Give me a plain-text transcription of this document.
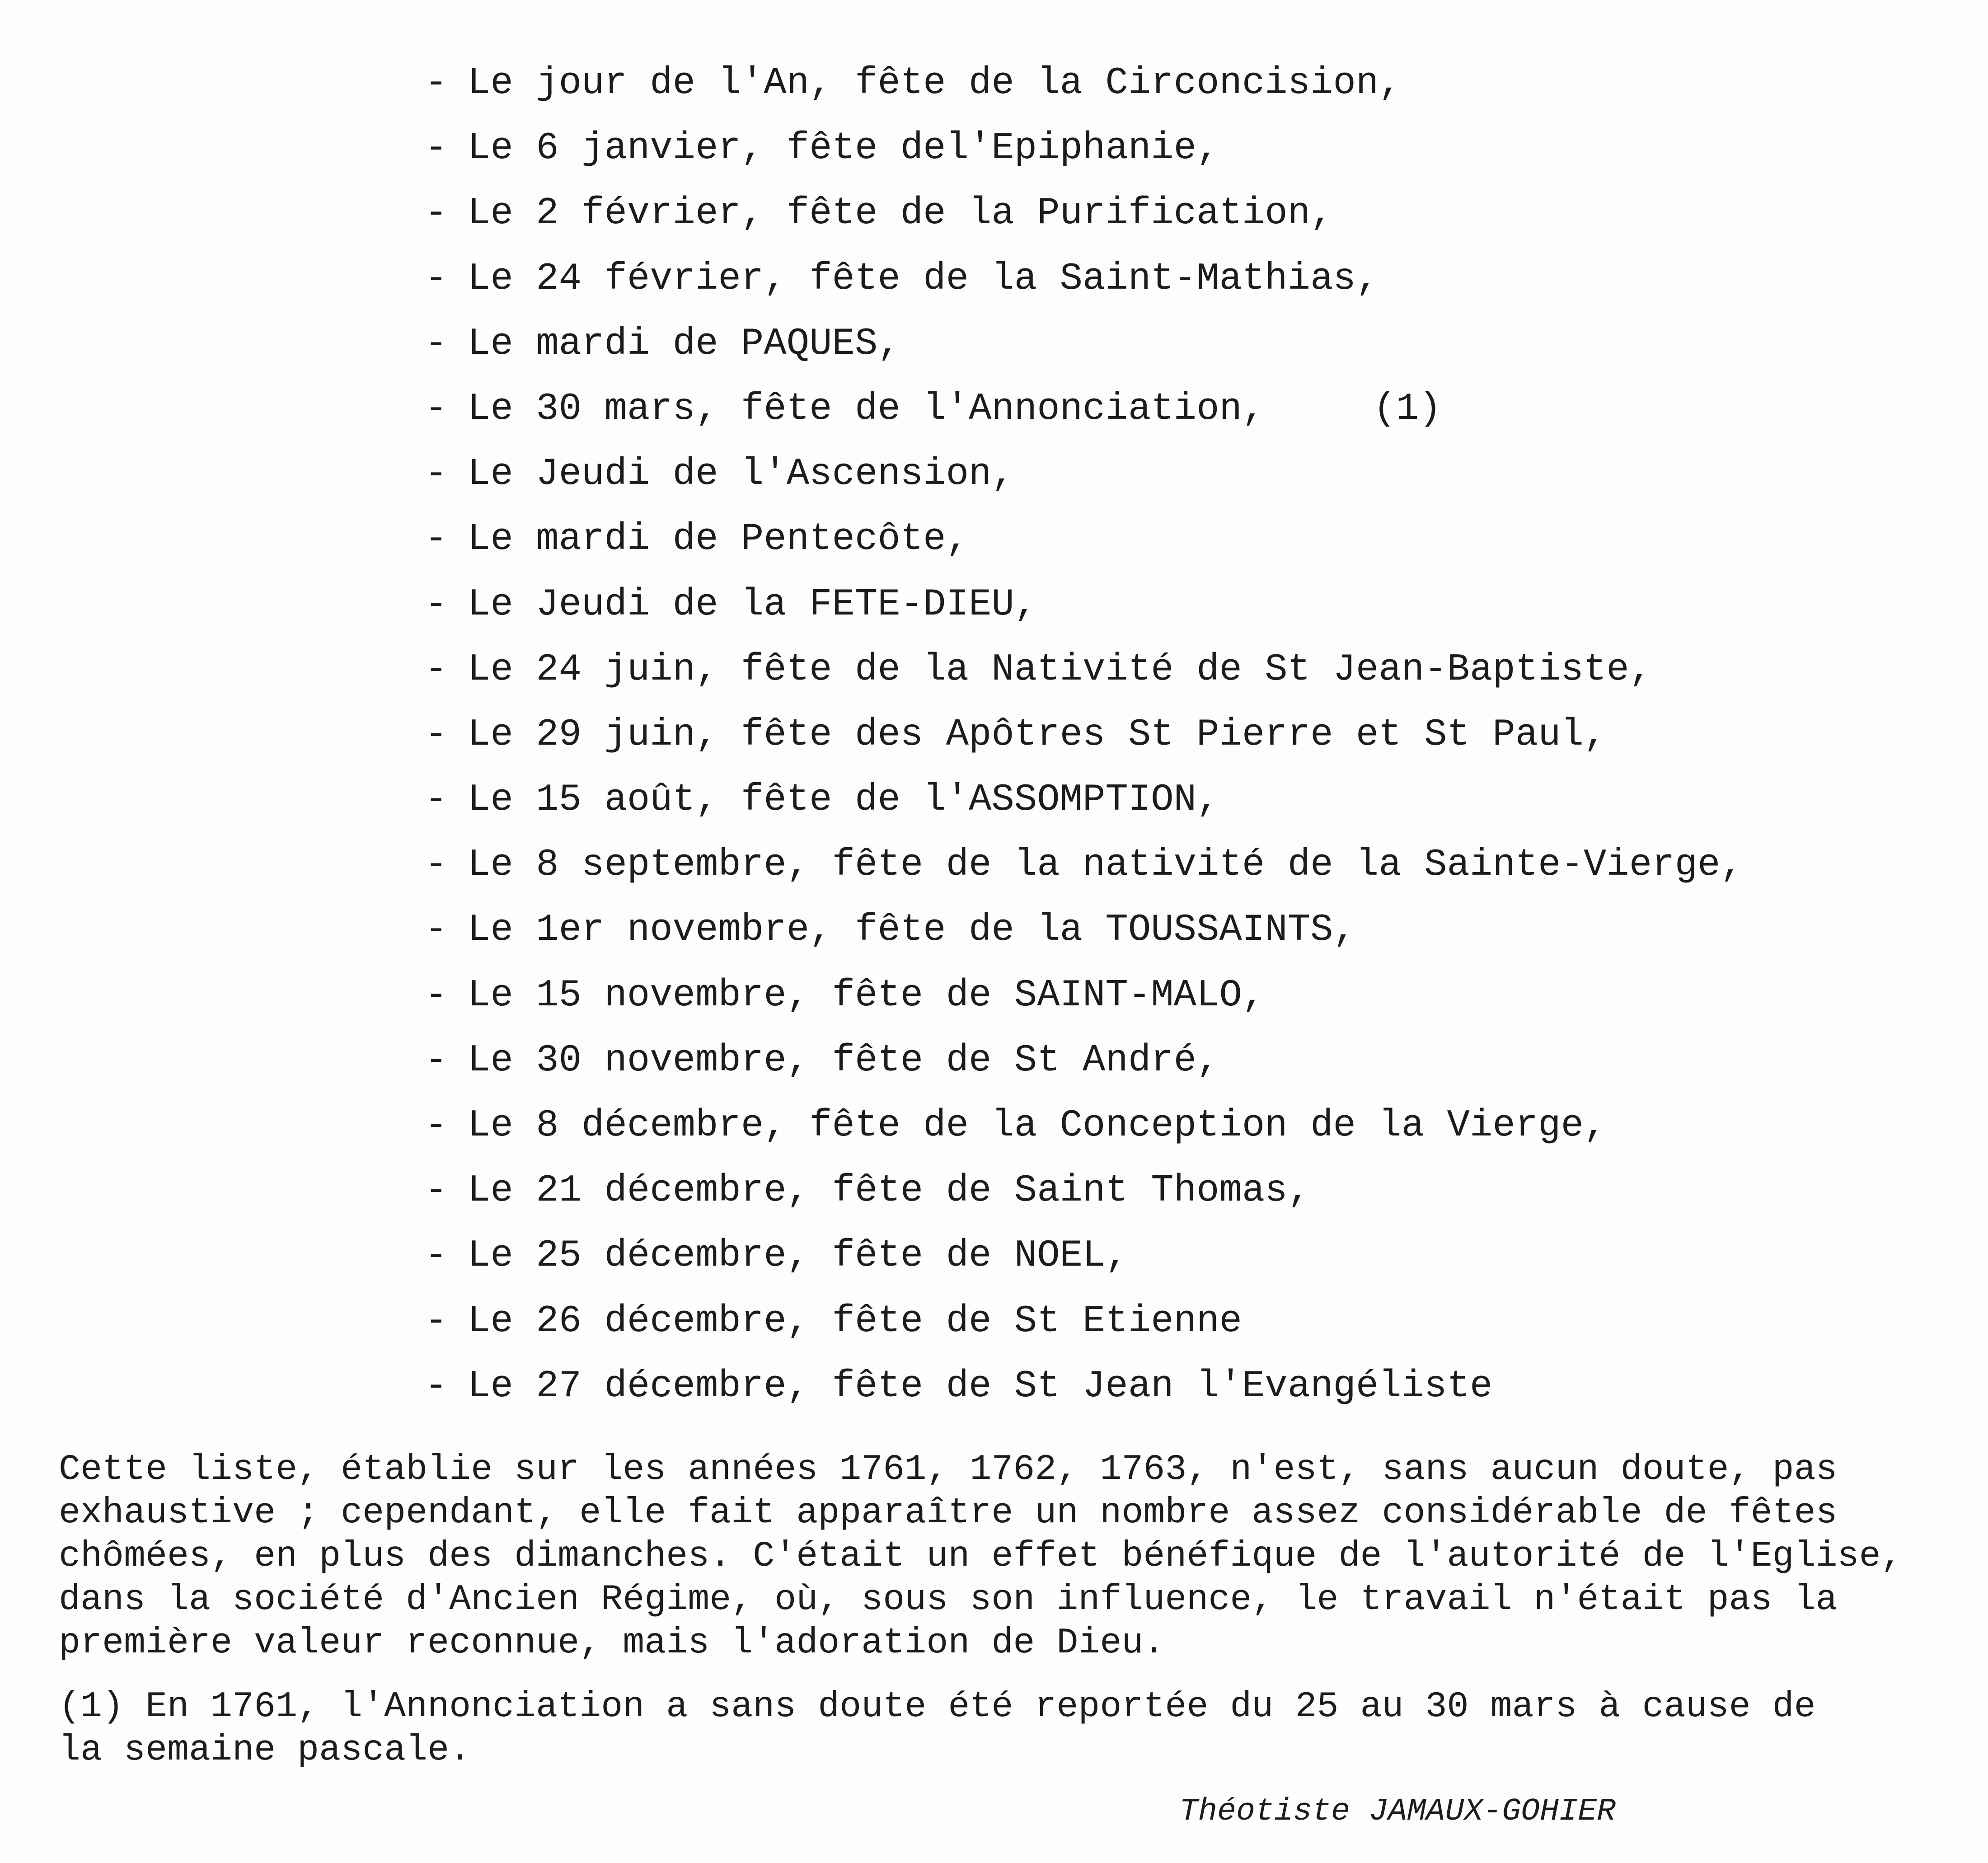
- Le jour de l'An, fête de la Circoncision,
- Le 6 janvier, fête del'Epiphanie,
- Le 2 février, fête de la Purification,
- Le 24 février, fête de la Saint-Mathias,
- Le mardi de PAQUES,
- Le 30 mars, fête de l'Annonciation,	(1)
- Le Jeudi de l'Ascension,
- Le mardi de Pentecôte,
- Le Jeudi de la FETE-DIEU,
- Le 24 juin, fête de la Nativité de St Jean-Baptiste,
- Le 29 juin, fête des Apôtres St Pierre et St Paul,
- Le 15 août, fête de l'ASSOMPTION,
- Le 8 septembre, fête de la nativité de la Sainte-Vierge,
- Le 1er novembre, fête de la TOUSSAINTS,
- Le 15 novembre, fête de SAINT-MALO,
- Le 30 novembre, fête de St André,
- Le 8 décembre, fête de la Conception de la Vierge,
- Le 21 décembre, fête de Saint Thomas,
- Le 25 décembre, fête de NOEL,
- Le 26 décembre, fête de St Etienne
- Le 27 décembre, fête de St Jean l'Evangéliste

Cette liste, établie sur les années 1761, 1762, 1763, n'est, sans aucun doute, pas
exhaustive ; cependant, elle fait apparaître un nombre assez considérable de fêtes
chômées, en plus des dimanches. C'était un effet bénéfique de l'autorité de l'Eglise,
dans la société d'Ancien Régime, où, sous son influence, le travail n'était pas la
première valeur reconnue, mais l'adoration de Dieu.

(1) En 1761, l'Annonciation a sans doute été reportée du 25 au 30 mars à cause de
la semaine pascale.

Théotiste JAMAUX-GOHIER
